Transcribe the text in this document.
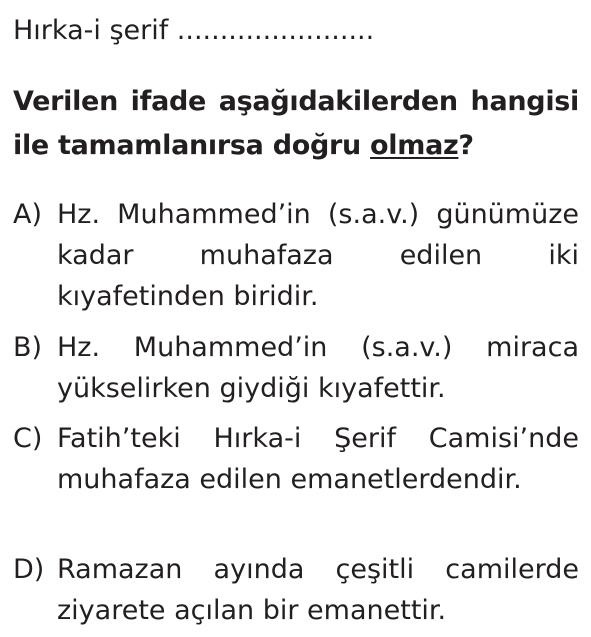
Hırka-i şerif .......................
Verilen ifade aşağıdakilerden hangisi ile tamamlanırsa doğru olmaz?
A) Hz. Muhammed’in (s.a.v.) günümüze kadar muhafaza edilen iki kıyafetinden biridir.
B) Hz. Muhammed’in (s.a.v.) miraca yükselirken giydiği kıyafettir.
C) Fatih’teki Hırka-i Şerif Camisi’nde muhafaza edilen emanetlerdendir.
D) Ramazan ayında çeşitli camilerde ziyarete açılan bir emanettir.
